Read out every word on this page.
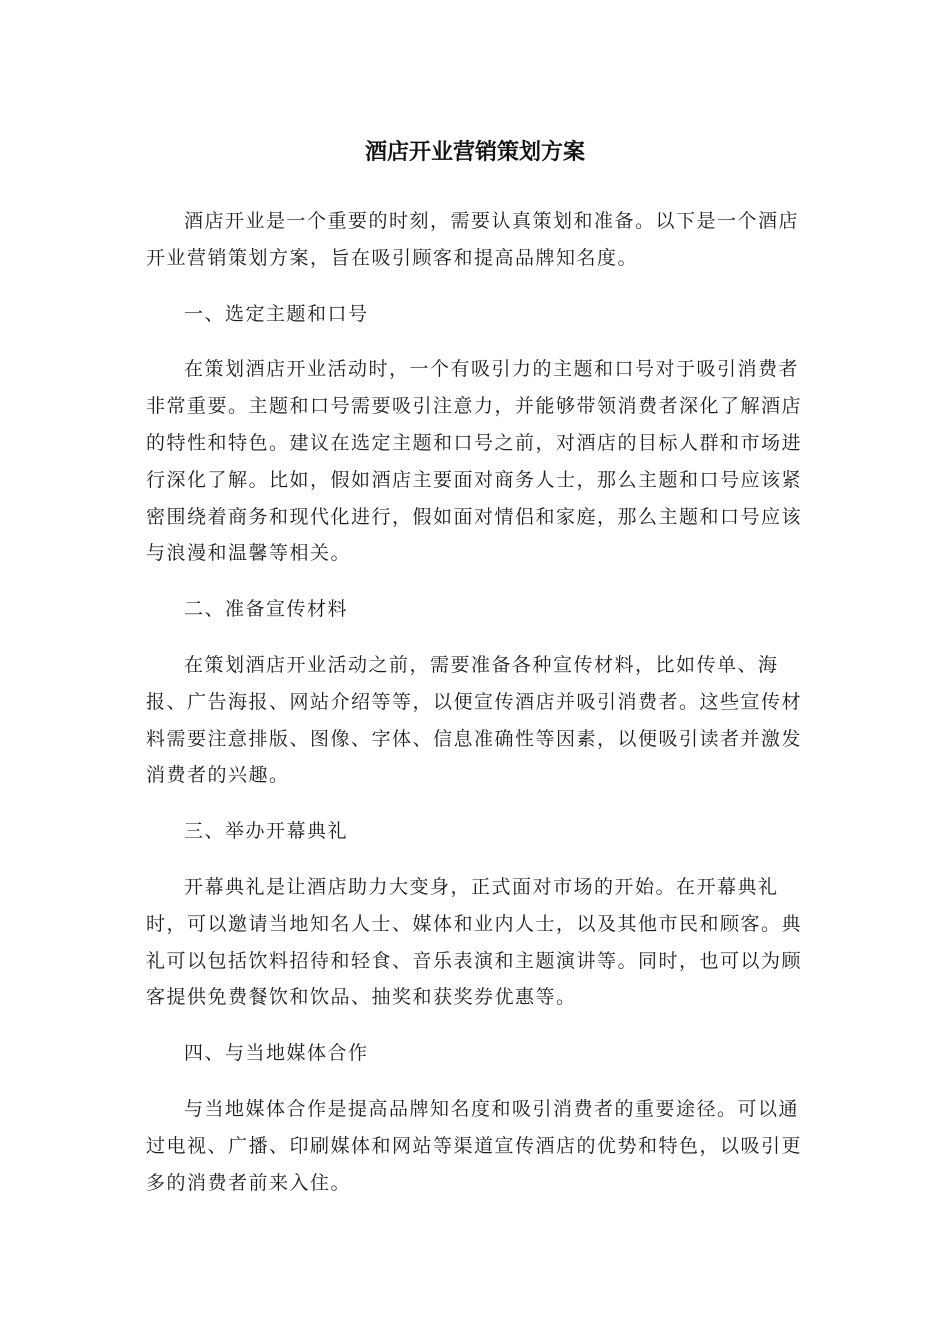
酒店开业营销策划方案

酒店开业是一个重要的时刻，需要认真策划和准备。以下是一个酒店开业营销策划方案，旨在吸引顾客和提高品牌知名度。

一、选定主题和口号

在策划酒店开业活动时，一个有吸引力的主题和口号对于吸引消费者非常重要。主题和口号需要吸引注意力，并能够带领消费者深化了解酒店的特性和特色。建议在选定主题和口号之前，对酒店的目标人群和市场进行深化了解。比如，假如酒店主要面对商务人士，那么主题和口号应该紧密围绕着商务和现代化进行，假如面对情侣和家庭，那么主题和口号应该与浪漫和温馨等相关。

二、准备宣传材料

在策划酒店开业活动之前，需要准备各种宣传材料，比如传单、海报、广告海报、网站介绍等等，以便宣传酒店并吸引消费者。这些宣传材料需要注意排版、图像、字体、信息准确性等因素，以便吸引读者并激发消费者的兴趣。

三、举办开幕典礼

开幕典礼是让酒店助力大变身，正式面对市场的开始。在开幕典礼时，可以邀请当地知名人士、媒体和业内人士，以及其他市民和顾客。典礼可以包括饮料招待和轻食、音乐表演和主题演讲等。同时，也可以为顾客提供免费餐饮和饮品、抽奖和获奖券优惠等。

四、与当地媒体合作

与当地媒体合作是提高品牌知名度和吸引消费者的重要途径。可以通过电视、广播、印刷媒体和网站等渠道宣传酒店的优势和特色，以吸引更多的消费者前来入住。
